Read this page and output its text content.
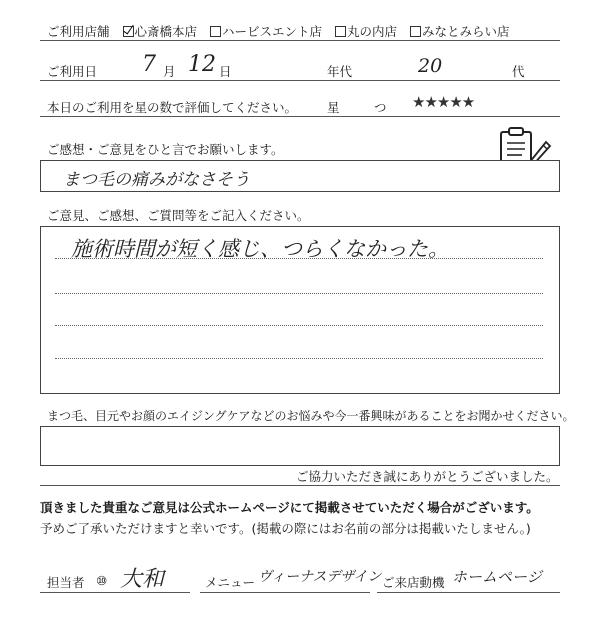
ご利用店舗 心斎橋本店 ハービスエント店 丸の内店 みなとみらい店
ご利用日 7 月 12 日	年代	20	代
本日のご利用を星の数で評価してください。 星	つ ★★★★★
ご感想・ご意見をひと言でお願いします。
まつ毛の痛みがなさそう
ご意見、ご感想、ご質問等をご記入ください。
施術時間が短く感じ、つらくなかった。
まつ毛、目元やお顔のエイジングケアなどのお悩みや今一番興味があることをお聞かせください。
ご協力いただき誠にありがとうございました。
頂きました貴重なご意見は公式ホームページにて掲載させていただく場合がございます。
予めご了承いただけますと幸いです。(掲載の際にはお名前の部分は掲載いたしません。)
担当者 ⑩ 大和	メニュー ヴィーナスデザイン ご来店動機 ホームページ
